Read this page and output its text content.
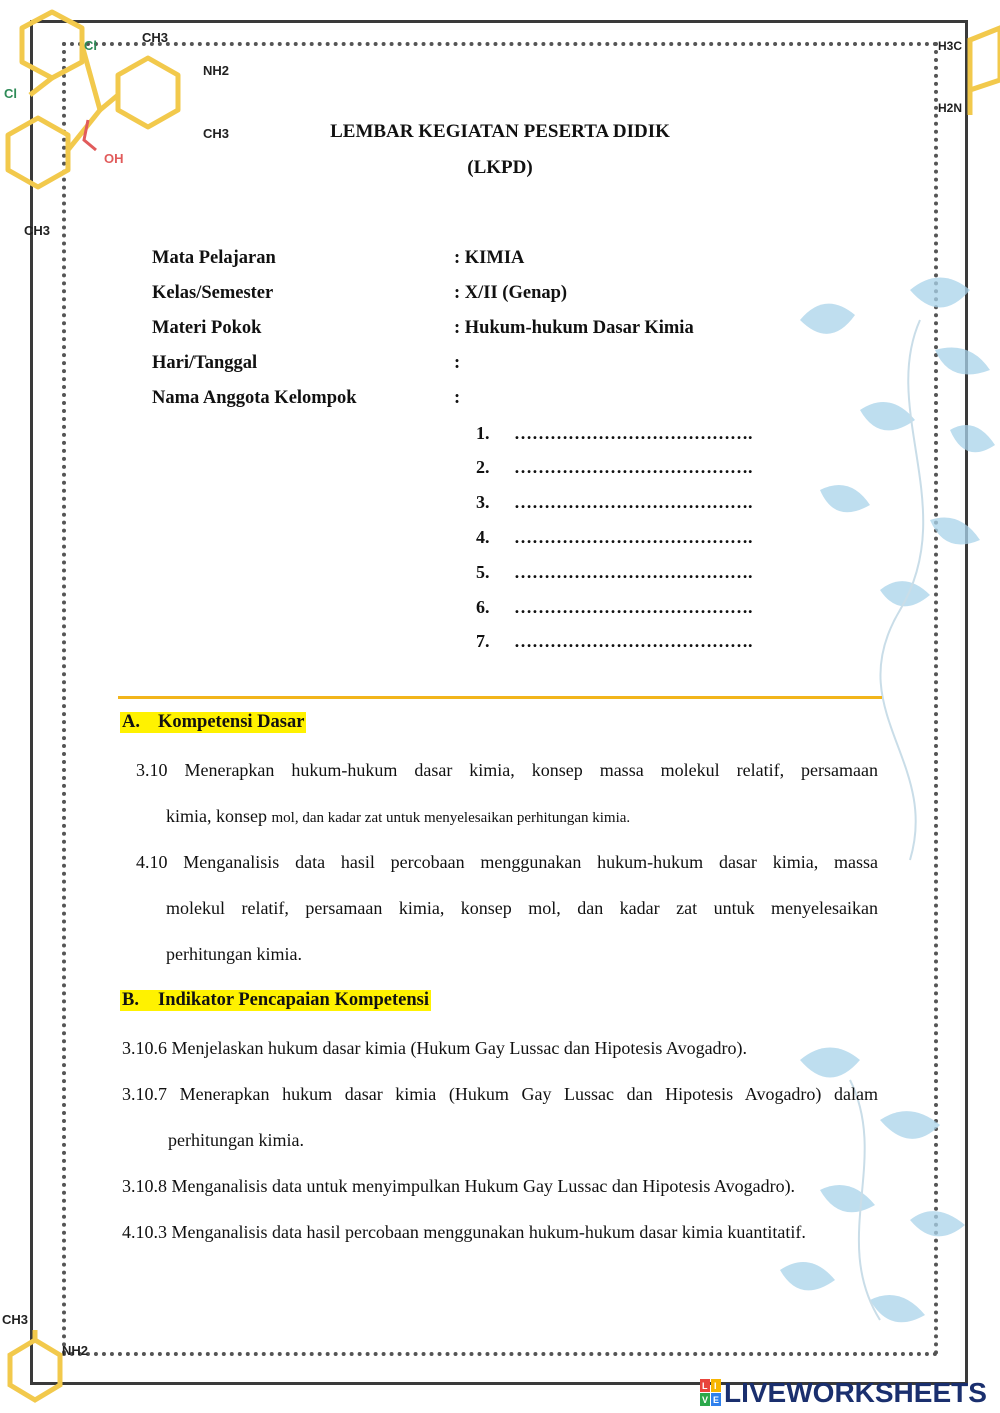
CH3
NH2
CH3
Cl
Cl
OH
CH3
H3C
H2N
CH3
NH2
LEMBAR KEGIATAN PESERTA DIDIK
(LKPD)
Mata Pelajaran	: KIMIA
Kelas/Semester	: X/II (Genap)
Materi Pokok	: Hukum-hukum Dasar Kimia
Hari/Tanggal	:
Nama Anggota Kelompok	:
1. ………………………………….
2. ………………………………….
3. ………………………………….
4. ………………………………….
5. ………………………………….
6. ………………………………….
7. ………………………………….
A. Kompetensi Dasar
3.10 Menerapkan hukum-hukum dasar kimia, konsep massa molekul relatif, persamaan
kimia, konsep mol, dan kadar zat untuk menyelesaikan perhitungan kimia.
4.10 Menganalisis data hasil percobaan menggunakan hukum-hukum dasar kimia, massa
molekul relatif, persamaan kimia, konsep mol, dan kadar zat untuk menyelesaikan
perhitungan kimia.
B. Indikator Pencapaian Kompetensi
3.10.6 Menjelaskan hukum dasar kimia (Hukum Gay Lussac dan Hipotesis Avogadro).
3.10.7 Menerapkan hukum dasar kimia (Hukum Gay Lussac dan Hipotesis Avogadro) dalam
perhitungan kimia.
3.10.8 Menganalisis data untuk menyimpulkan Hukum Gay Lussac dan Hipotesis Avogadro).
4.10.3 Menganalisis data hasil percobaan menggunakan hukum-hukum dasar kimia kuantitatif.
L I
V E LIVEWORKSHEETS
